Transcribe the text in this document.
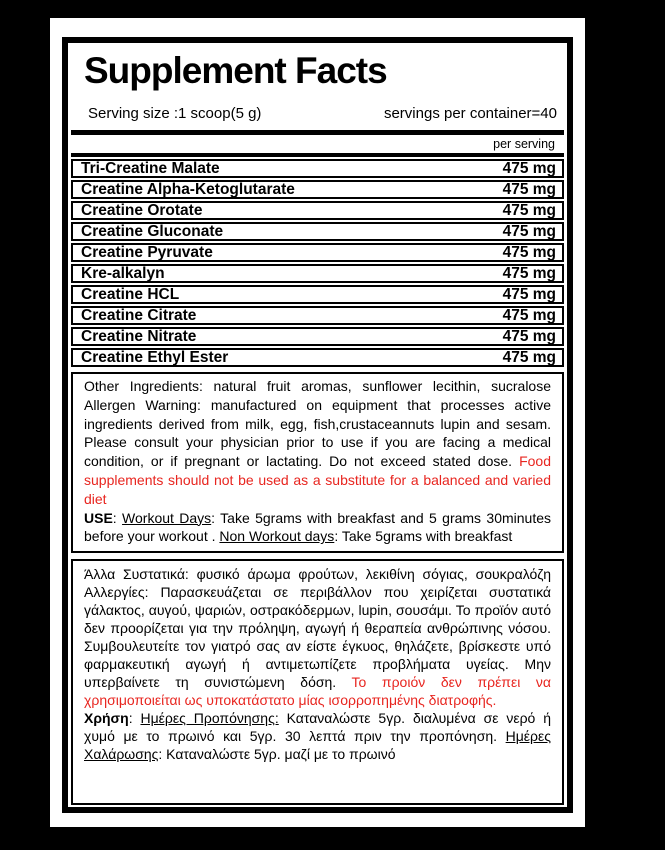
Supplement Facts
Serving size :1 scoop(5 g)	servings per container=40
per serving
Tri-Creatine Malate	475 mg
Creatine Alpha-Ketoglutarate	475 mg
Creatine Orotate	475 mg
Creatine Gluconate	475 mg
Creatine Pyruvate	475 mg
Kre-alkalyn	475 mg
Creatine HCL	475 mg
Creatine Citrate	475 mg
Creatine Nitrate	475 mg
Creatine Ethyl Ester	475 mg
Other Ingredients: natural fruit aromas, sunflower lecithin, sucralose Allergen Warning: manufactured on equipment that processes active ingredients derived from milk, egg, fish,crustaceannuts lupin and sesam. Please consult your physician prior to use if you are facing a medical condition, or if pregnant or lactating. Do not exceed stated dose. Food supplements should not be used as a substitute for a balanced and varied diet
USE: Workout Days: Take 5grams with breakfast and 5 grams 30minutes before your workout . Non Workout days: Take 5grams with breakfast
Άλλα Συστατικά: φυσικό άρωμα φρούτων, λεκιθίνη σόγιας, σουκραλόζη Αλλεργίες: Παρασκευάζεται σε περιβάλλον που χειρίζεται συστατικά γάλακτος, αυγού, ψαριών, οστρακόδερμων, lupin, σουσάμι. Το προϊόν αυτό δεν προορίζεται για την πρόληψη, αγωγή ή θεραπεία ανθρώπινης νόσου. Συμβουλευτείτε τον γιατρό σας αν είστε έγκυος, θηλάζετε, βρίσκεστε υπό φαρμακευτική αγωγή ή αντιμετωπίζετε προβλήματα υγείας. Μην υπερβαίνετε τη συνιστώμενη δόση. Το προιόν δεν πρέπει να χρησιμοποιείται ως υποκατάστατο μίας ισορροπημένης διατροφής.
Χρήση: Ημέρες Προπόνησης: Καταναλώστε 5γρ. διαλυμένα σε νερό ή χυμό με το πρωινό και 5γρ. 30 λεπτά πριν την προπόνηση. Ημέρες Χαλάρωσης: Καταναλώστε 5γρ. μαζί με το πρωινό
